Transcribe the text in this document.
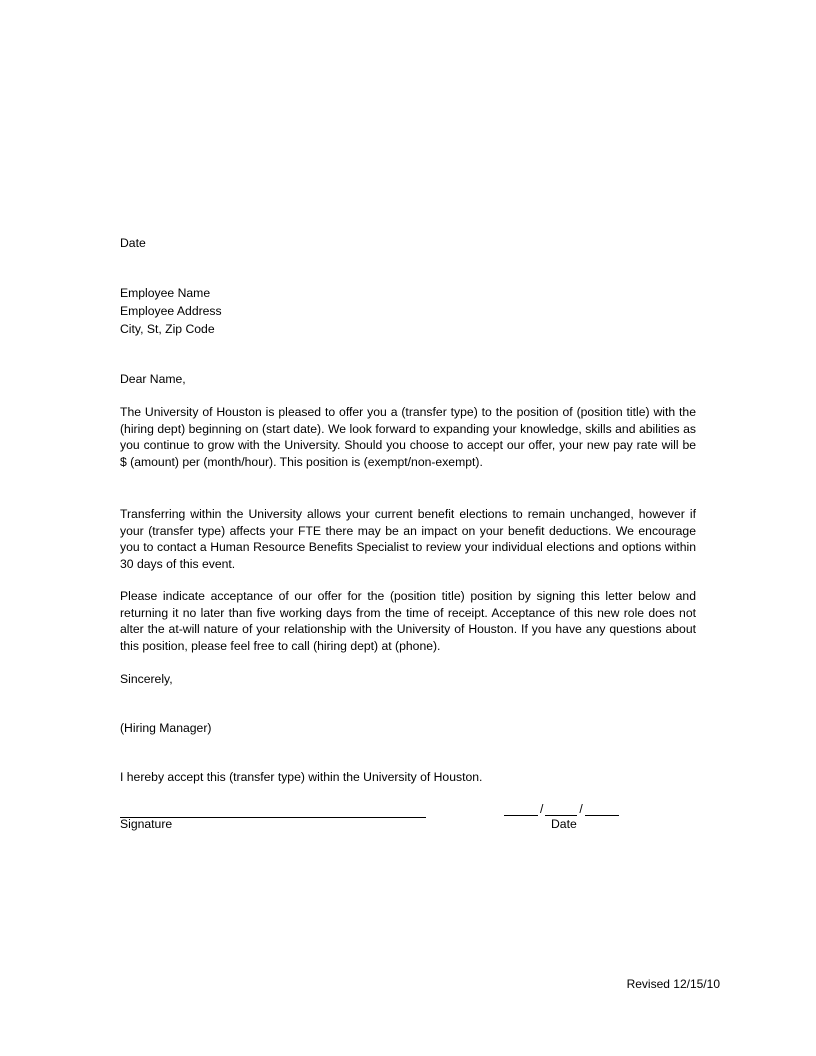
Date
Employee Name
Employee Address
City, St, Zip Code
Dear Name,
The University of Houston is pleased to offer you a (transfer type) to the position of (position title) with the (hiring dept) beginning on (start date). We look forward to expanding your knowledge, skills and abilities as you continue to grow with the University. Should you choose to accept our offer, your new pay rate will be $ (amount) per (month/hour). This position is (exempt/non-exempt).
Transferring within the University allows your current benefit elections to remain unchanged, however if your (transfer type) affects your FTE there may be an impact on your benefit deductions. We encourage you to contact a Human Resource Benefits Specialist to review your individual elections and options within 30 days of this event.
Please indicate acceptance of our offer for the (position title) position by signing this letter below and returning it no later than five working days from the time of receipt. Acceptance of this new role does not alter the at-will nature of your relationship with the University of Houston. If you have any questions about this position, please feel free to call (hiring dept) at (phone).
Sincerely,
(Hiring Manager)
I hereby accept this (transfer type) within the University of Houston.
/	/
Signature	Date
Revised 12/15/10
